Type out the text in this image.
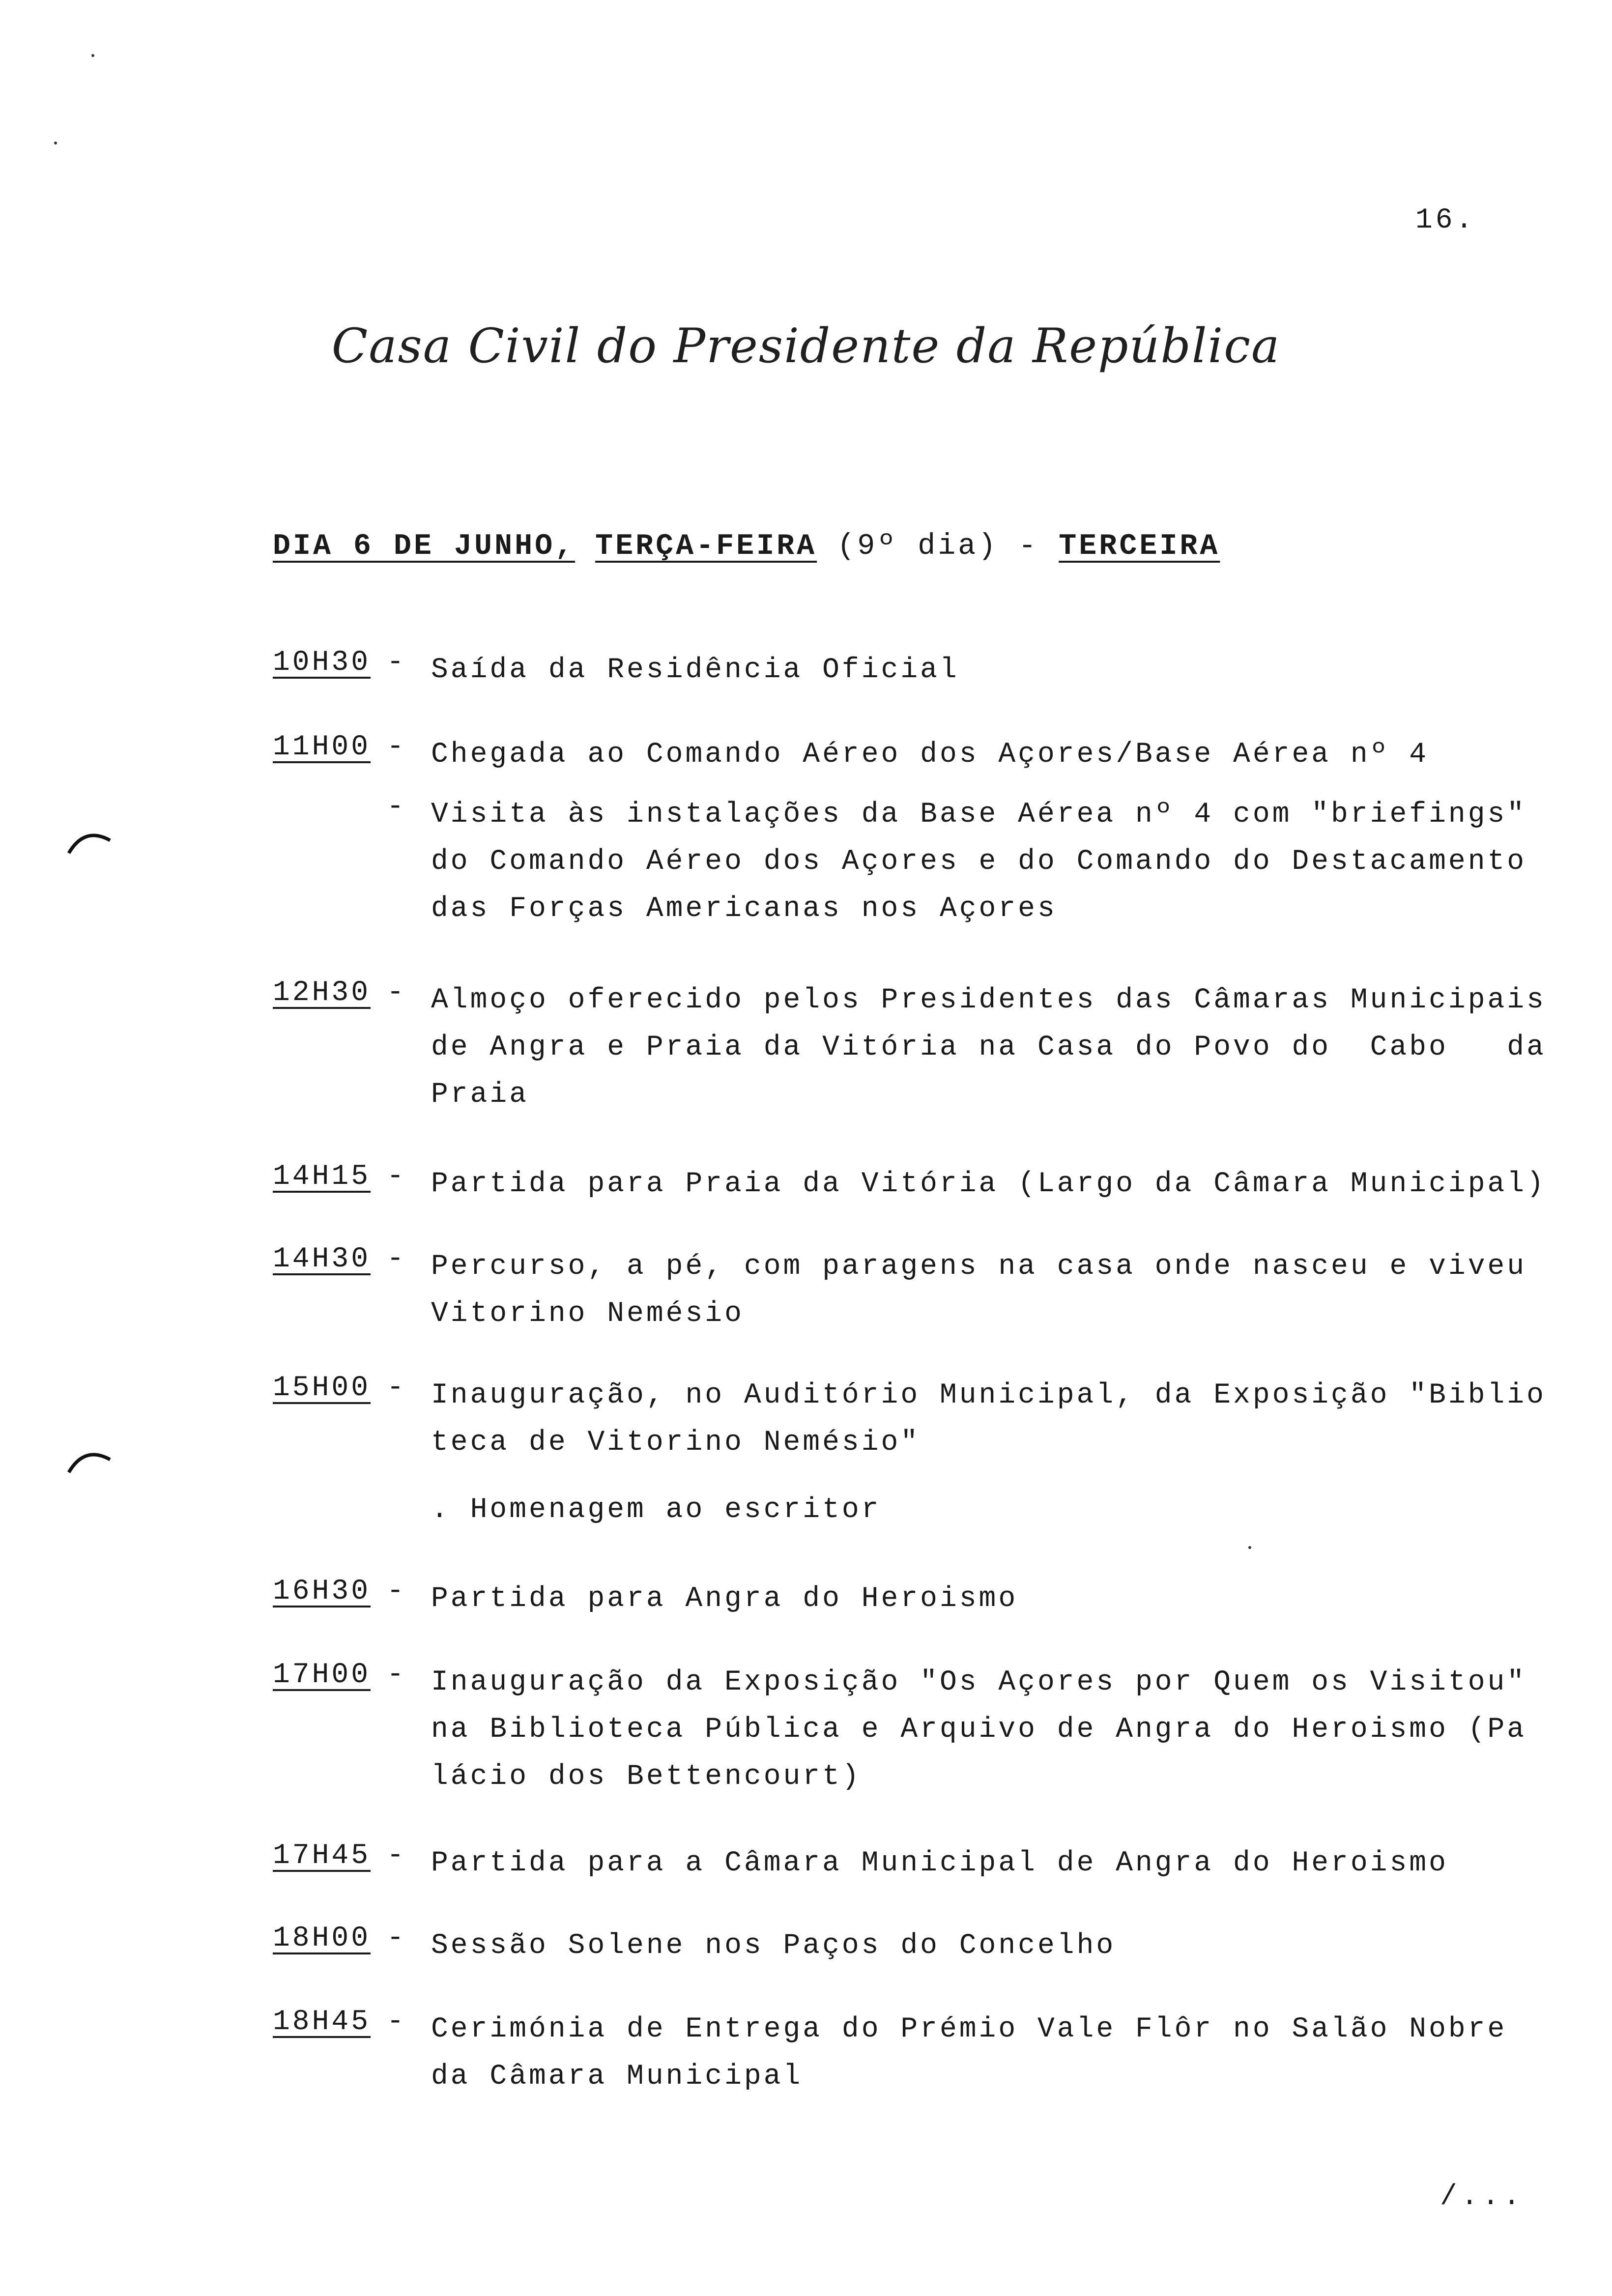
16.
Casa Civil do Presidente da República
DIA 6 DE JUNHO, TERÇA-FEIRA (9º dia) - TERCEIRA
10H30 - Saída da Residência Oficial
11H00 - Chegada ao Comando Aéreo dos Açores/Base Aérea nº 4
- Visita às instalações da Base Aérea nº 4 com "briefings"
do Comando Aéreo dos Açores e do Comando do Destacamento
das Forças Americanas nos Açores
12H30 - Almoço oferecido pelos Presidentes das Câmaras Municipais
de Angra e Praia da Vitória na Casa do Povo do  Cabo   da
Praia
14H15 - Partida para Praia da Vitória (Largo da Câmara Municipal)
14H30 - Percurso, a pé, com paragens na casa onde nasceu e viveu
Vitorino Nemésio
15H00 - Inauguração, no Auditório Municipal, da Exposição "Biblio
teca de Vitorino Nemésio"
. Homenagem ao escritor
16H30 - Partida para Angra do Heroismo
17H00 - Inauguração da Exposição "Os Açores por Quem os Visitou"
na Biblioteca Pública e Arquivo de Angra do Heroismo (Pa
lácio dos Bettencourt)
17H45 - Partida para a Câmara Municipal de Angra do Heroismo
18H00 - Sessão Solene nos Paços do Concelho
18H45 - Cerimónia de Entrega do Prémio Vale Flôr no Salão Nobre
da Câmara Municipal
/...
